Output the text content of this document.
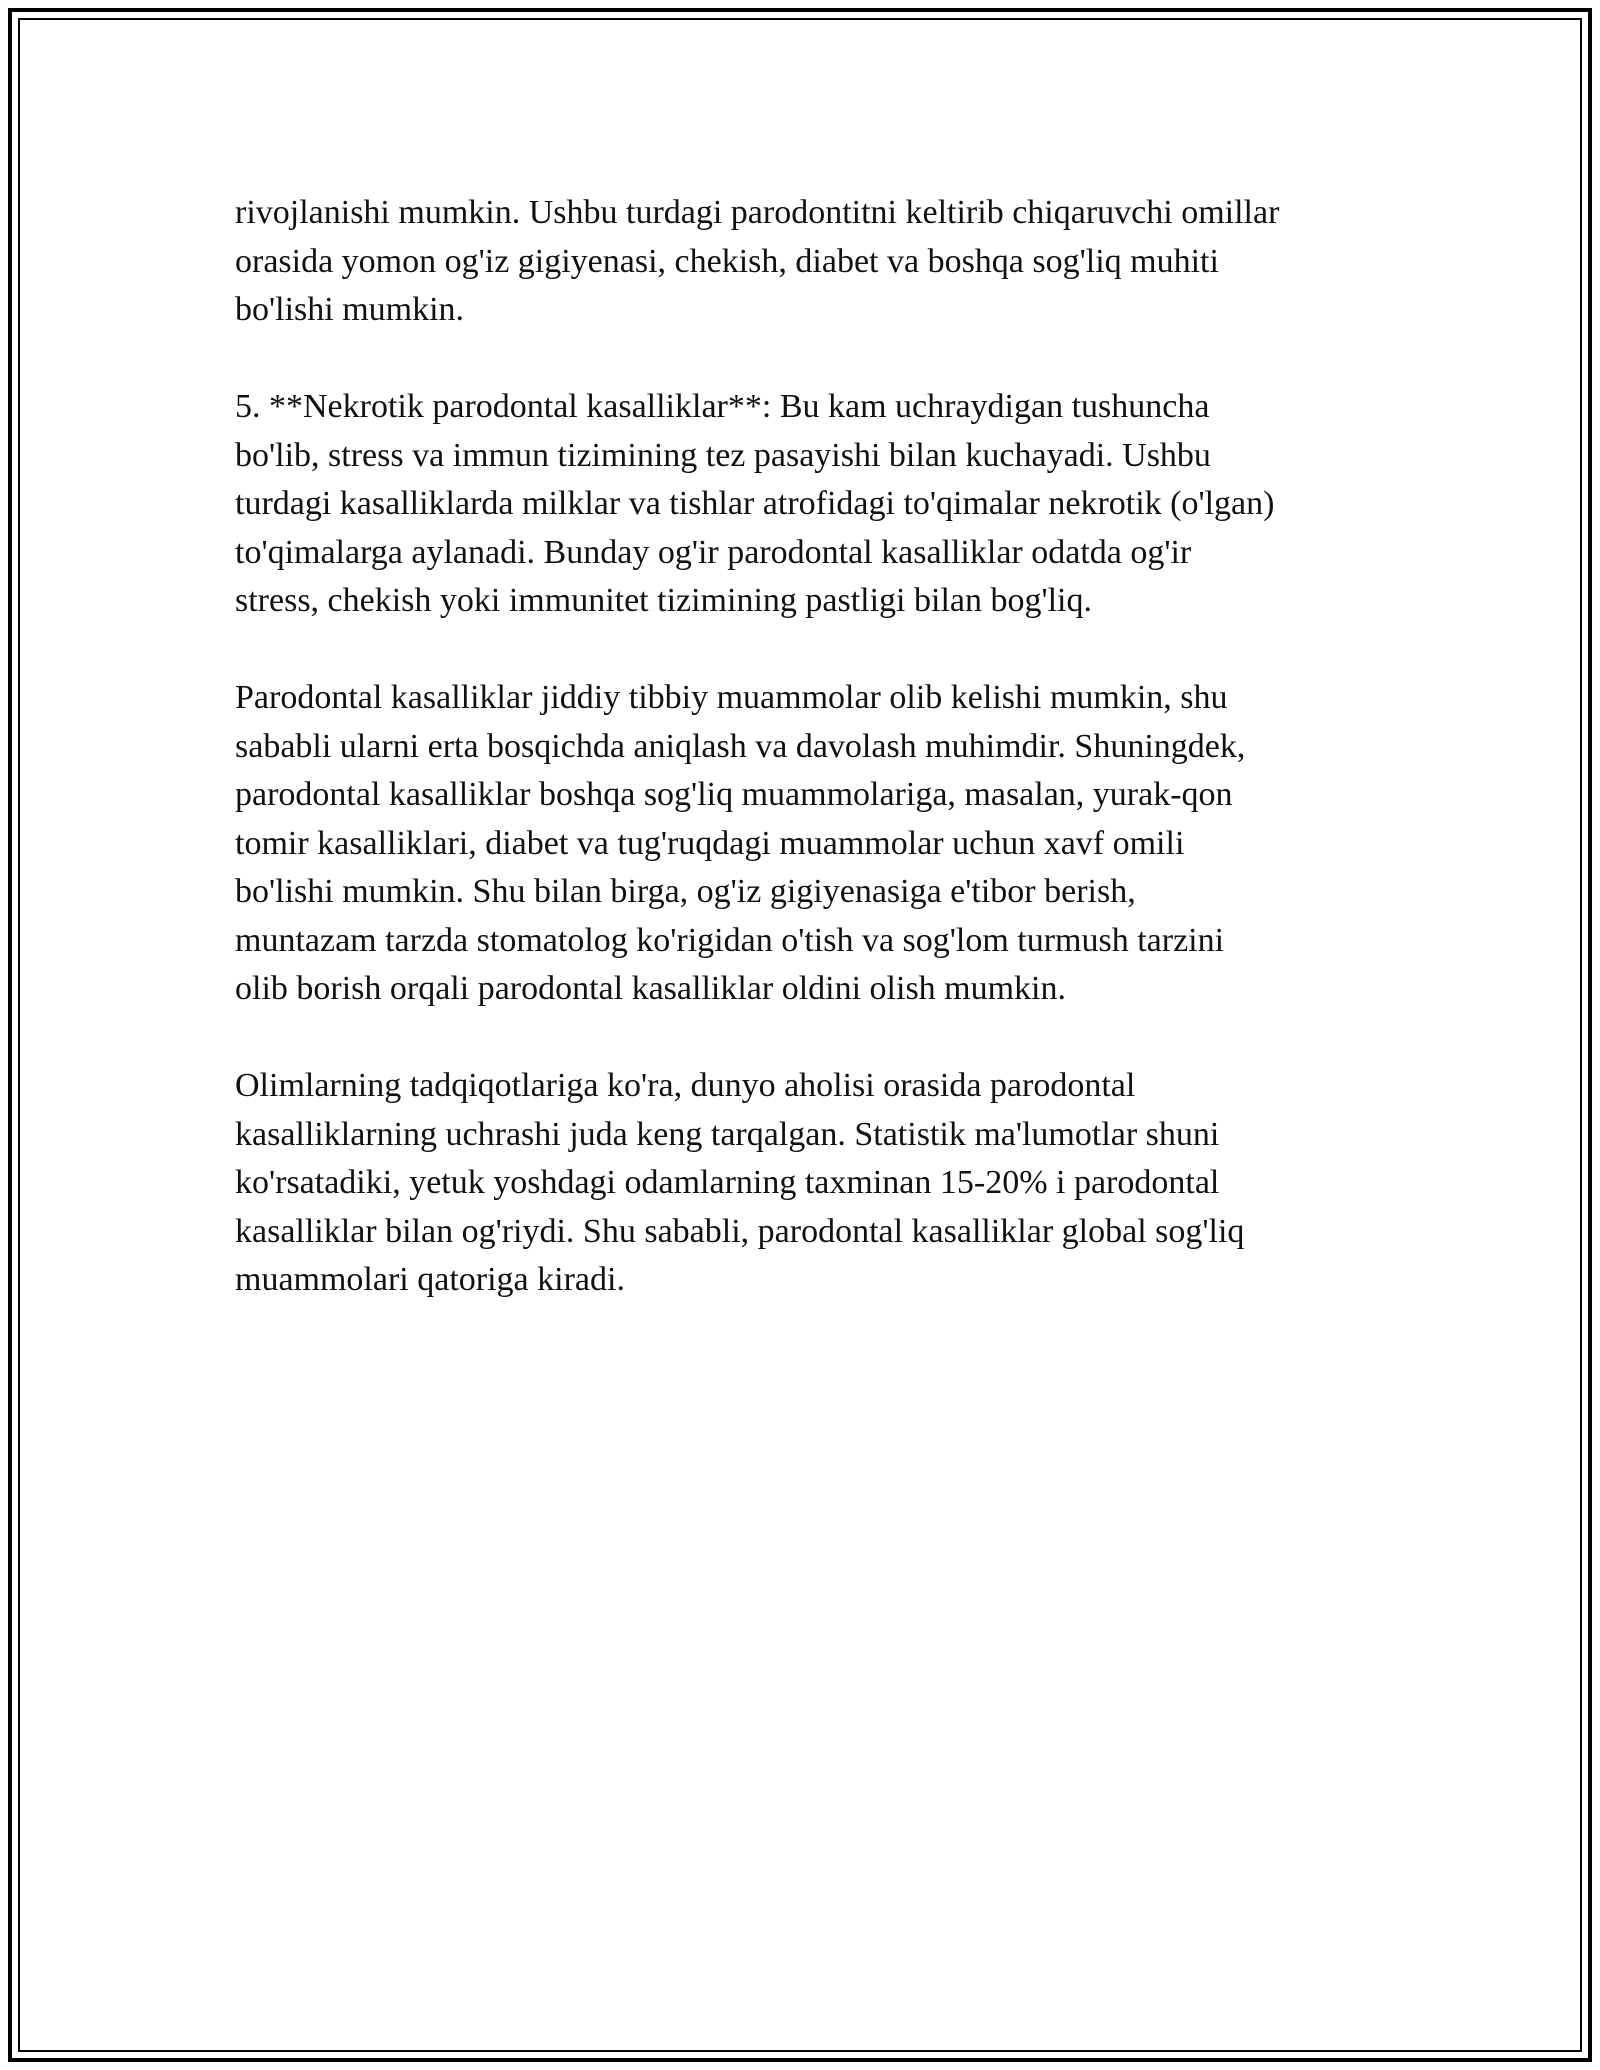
rivojlanishi mumkin. Ushbu turdagi parodontitni keltirib chiqaruvchi omillar
orasida yomon og'iz gigiyenasi, chekish, diabet va boshqa sog'liq muhiti
bo'lishi mumkin.

5. **Nekrotik parodontal kasalliklar**: Bu kam uchraydigan tushuncha
bo'lib, stress va immun tizimining tez pasayishi bilan kuchayadi. Ushbu
turdagi kasalliklarda milklar va tishlar atrofidagi to'qimalar nekrotik (o'lgan)
to'qimalarga aylanadi. Bunday og'ir parodontal kasalliklar odatda og'ir
stress, chekish yoki immunitet tizimining pastligi bilan bog'liq.

Parodontal kasalliklar jiddiy tibbiy muammolar olib kelishi mumkin, shu
sababli ularni erta bosqichda aniqlash va davolash muhimdir. Shuningdek,
parodontal kasalliklar boshqa sog'liq muammolariga, masalan, yurak-qon
tomir kasalliklari, diabet va tug'ruqdagi muammolar uchun xavf omili
bo'lishi mumkin. Shu bilan birga, og'iz gigiyenasiga e'tibor berish,
muntazam tarzda stomatolog ko'rigidan o'tish va sog'lom turmush tarzini
olib borish orqali parodontal kasalliklar oldini olish mumkin.

Olimlarning tadqiqotlariga ko'ra, dunyo aholisi orasida parodontal
kasalliklarning uchrashi juda keng tarqalgan. Statistik ma'lumotlar shuni
ko'rsatadiki, yetuk yoshdagi odamlarning taxminan 15-20% i parodontal
kasalliklar bilan og'riydi. Shu sababli, parodontal kasalliklar global sog'liq
muammolari qatoriga kiradi.
